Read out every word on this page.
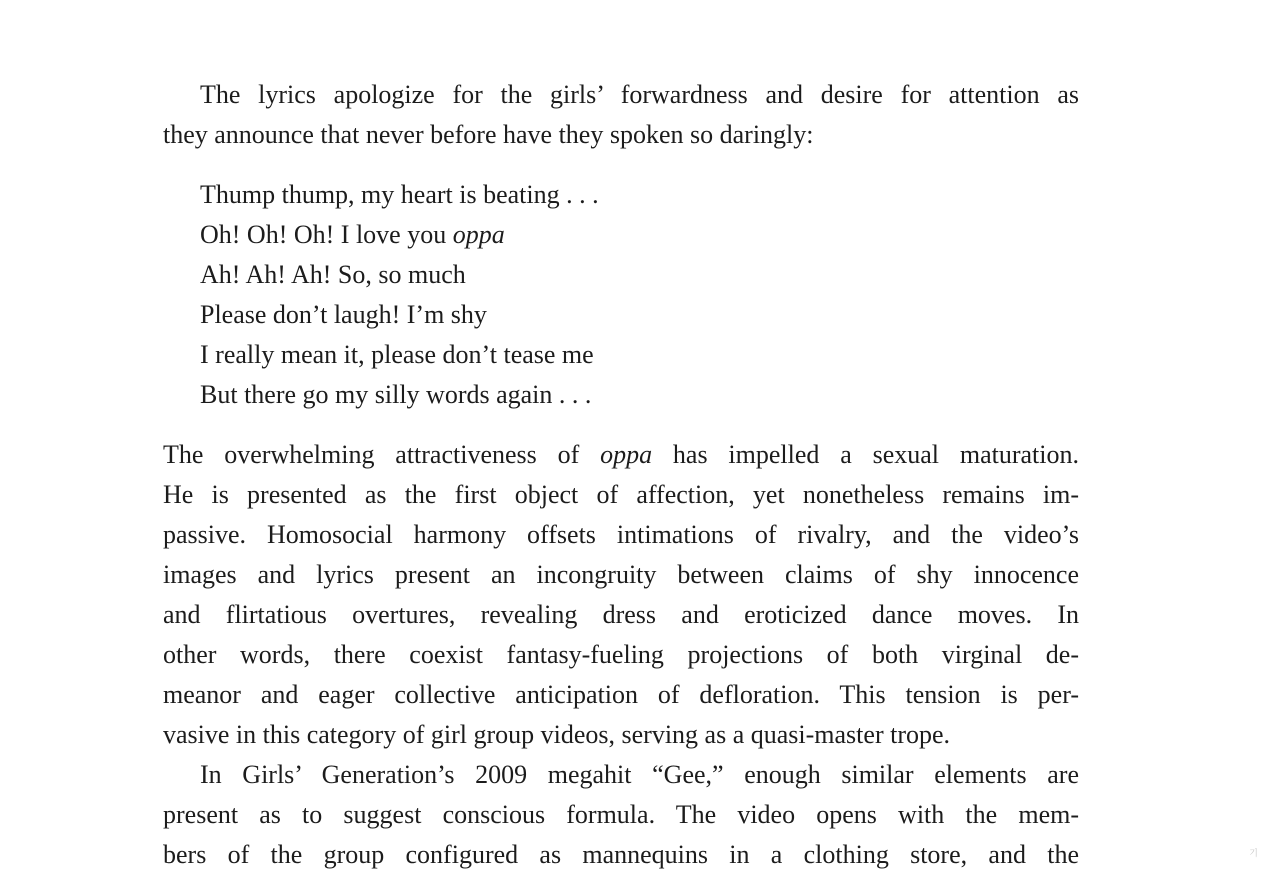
The lyrics apologize for the girls’ forwardness and desire for attention as
they announce that never before have they spoken so daringly:
Thump thump, my heart is beating . . .
Oh! Oh! Oh! I love you oppa
Ah! Ah! Ah! So, so much
Please don’t laugh! I’m shy
I really mean it, please don’t tease me
But there go my silly words again . . .
The overwhelming attractiveness of oppa has impelled a sexual maturation.
He is presented as the first object of affection, yet nonetheless remains im-
passive. Homosocial harmony offsets intimations of rivalry, and the video’s
images and lyrics present an incongruity between claims of shy innocence
and flirtatious overtures, revealing dress and eroticized dance moves. In
other words, there coexist fantasy-fueling projections of both virginal de-
meanor and eager collective anticipation of defloration. This tension is per-
vasive in this category of girl group videos, serving as a quasi-master trope.
In Girls’ Generation’s 2009 megahit “Gee,” enough similar elements are
present as to suggest conscious formula. The video opens with the mem-
bers of the group configured as mannequins in a clothing store, and the	기
